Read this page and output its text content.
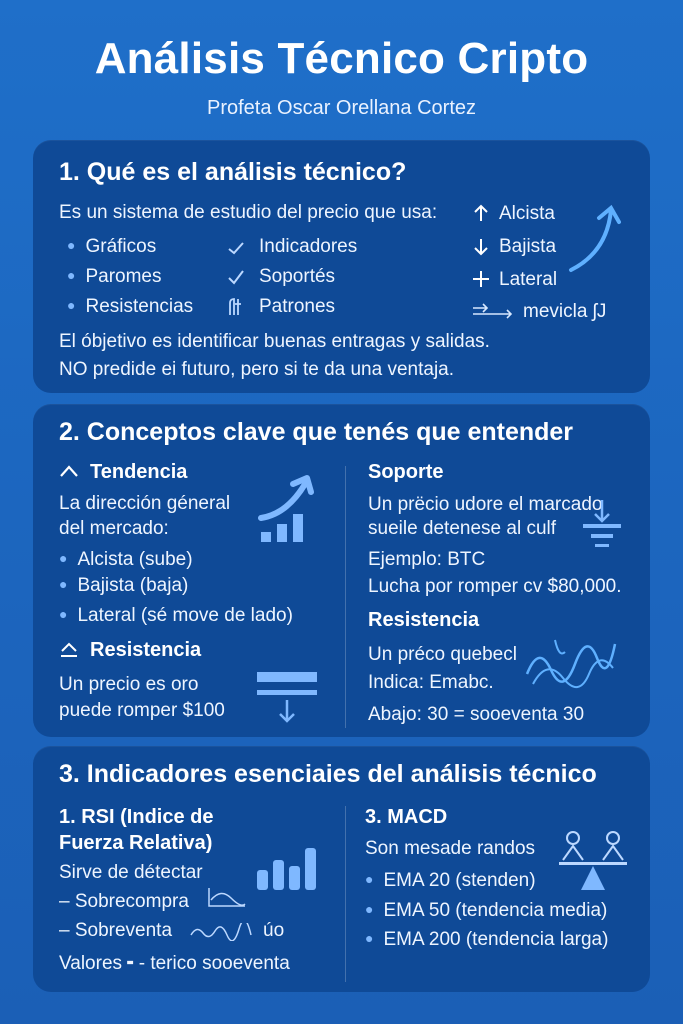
Análisis Técnico Cripto
Profeta Oscar Orellana Cortez
1. Qué es el análisis técnico?
Es un sistema de estudio del precio que usa:
● Gráficos
● Paromes
● Resistencias
Indicadores
Soportés
Patrones
Alcista
Bajista
Lateral
mevicla ʃJ
El óbjetivo es identificar buenas entragas y salidas.
NO predide ei futuro, pero si te da una ventaja.
2. Conceptos clave que tenés que entender
Tendencia
La dirección géneral
del mercado:
● Alcista (sube)
● Bajista (baja)
● Lateral (sé move de lado)
Resistencia
Un precio es oro
puede romper $100
Soporte
Un prëcio udore el marcado
sueile detenese al culf
Ejemplo: BTC
Lucha por romper cv $80,000.
Resistencia
Un précо quebecl
Indica: Emabc.
Abajo: 30 = sooeventa 30
3. Indicadores esenciaies del análisis técnico
1. RSI (Indice de
Fuerza Relativa)
Sirve de détectar
– Sobrecompra
– Sobreventa	úo
Valores ╸- terico sooeventa
3. MACD
Son mesade randos
● EMA 20 (stenden)
● EMA 50 (tendencia media)
● EMA 200 (tendencia larga)
